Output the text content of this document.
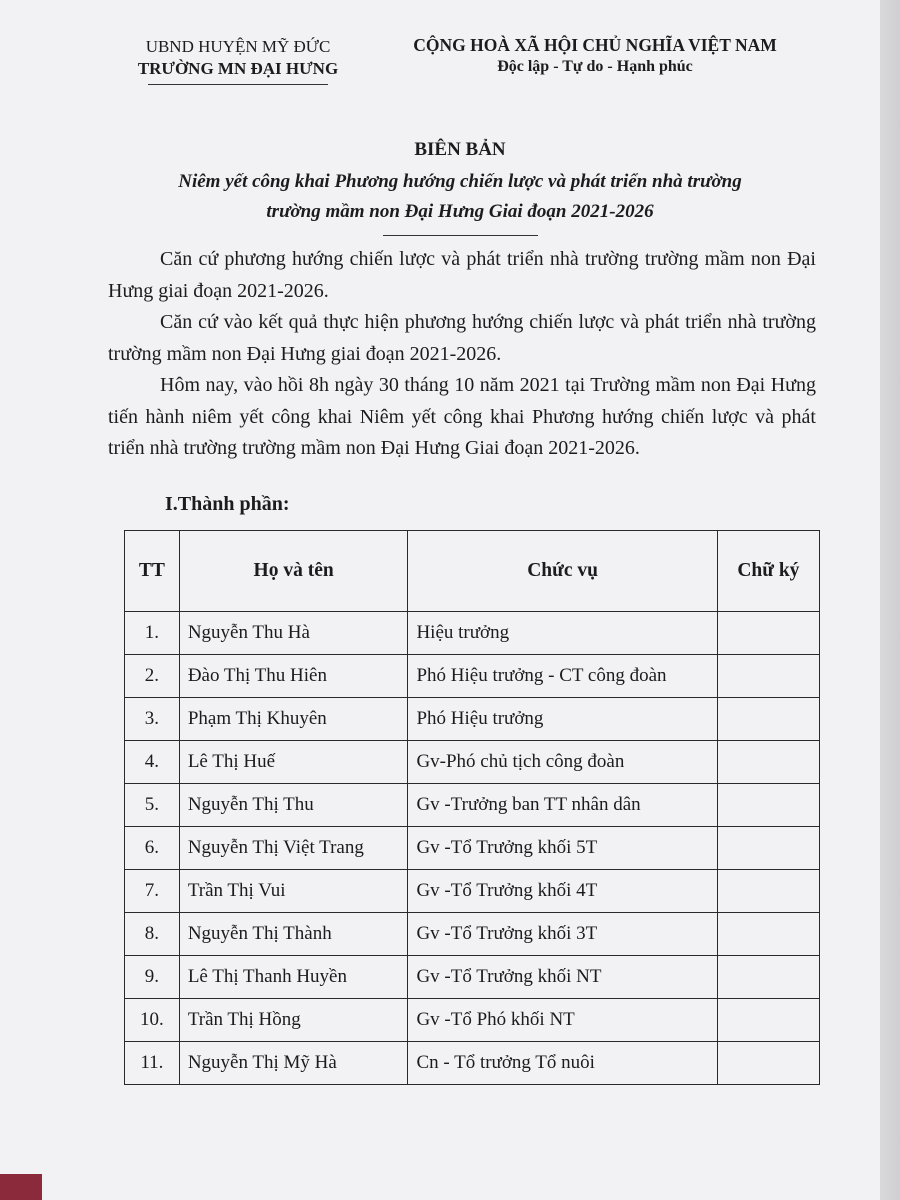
UBND HUYỆN MỸ ĐỨC
TRƯỜNG MN ĐẠI HƯNG
CỘNG HOÀ XÃ HỘI CHỦ NGHĨA VIỆT NAM
Độc lập - Tự do - Hạnh phúc
BIÊN BẢN
Niêm yết công khai Phương hướng chiến lược và phát triển nhà trường
trường mầm non Đại Hưng Giai đoạn 2021-2026

Căn cứ phương hướng chiến lược và phát triển nhà trường trường mầm non Đại Hưng giai đoạn 2021-2026.

Căn cứ vào kết quả thực hiện phương hướng chiến lược và phát triển nhà trường trường mầm non Đại Hưng giai đoạn 2021-2026.

Hôm nay, vào hồi 8h ngày 30 tháng 10 năm 2021 tại Trường mầm non Đại Hưng tiến hành niêm yết công khai Niêm yết công khai Phương hướng chiến lược và phát triển nhà trường trường mầm non Đại Hưng Giai đoạn 2021-2026.

I.Thành phần:
TT	Họ và tên	Chức vụ	Chữ ký
1.	Nguyễn Thu Hà	Hiệu trưởng	
2.	Đào Thị Thu Hiên	Phó Hiệu trưởng - CT công đoàn	
3.	Phạm Thị Khuyên	Phó Hiệu trưởng	
4.	Lê Thị Huế	Gv-Phó chủ tịch công đoàn	
5.	Nguyễn Thị Thu	Gv -Trưởng ban TT nhân dân	
6.	Nguyễn Thị Việt Trang	Gv -Tổ Trưởng khối 5T	
7.	Trần Thị Vui	Gv -Tổ Trưởng khối 4T	
8.	Nguyễn Thị Thành	Gv -Tổ Trưởng khối 3T	
9.	Lê Thị Thanh Huyền	Gv -Tổ Trưởng khối NT	
10.	Trần Thị Hồng	Gv -Tổ Phó khối NT	
11.	Nguyễn Thị Mỹ Hà	Cn - Tổ trưởng Tổ nuôi	
